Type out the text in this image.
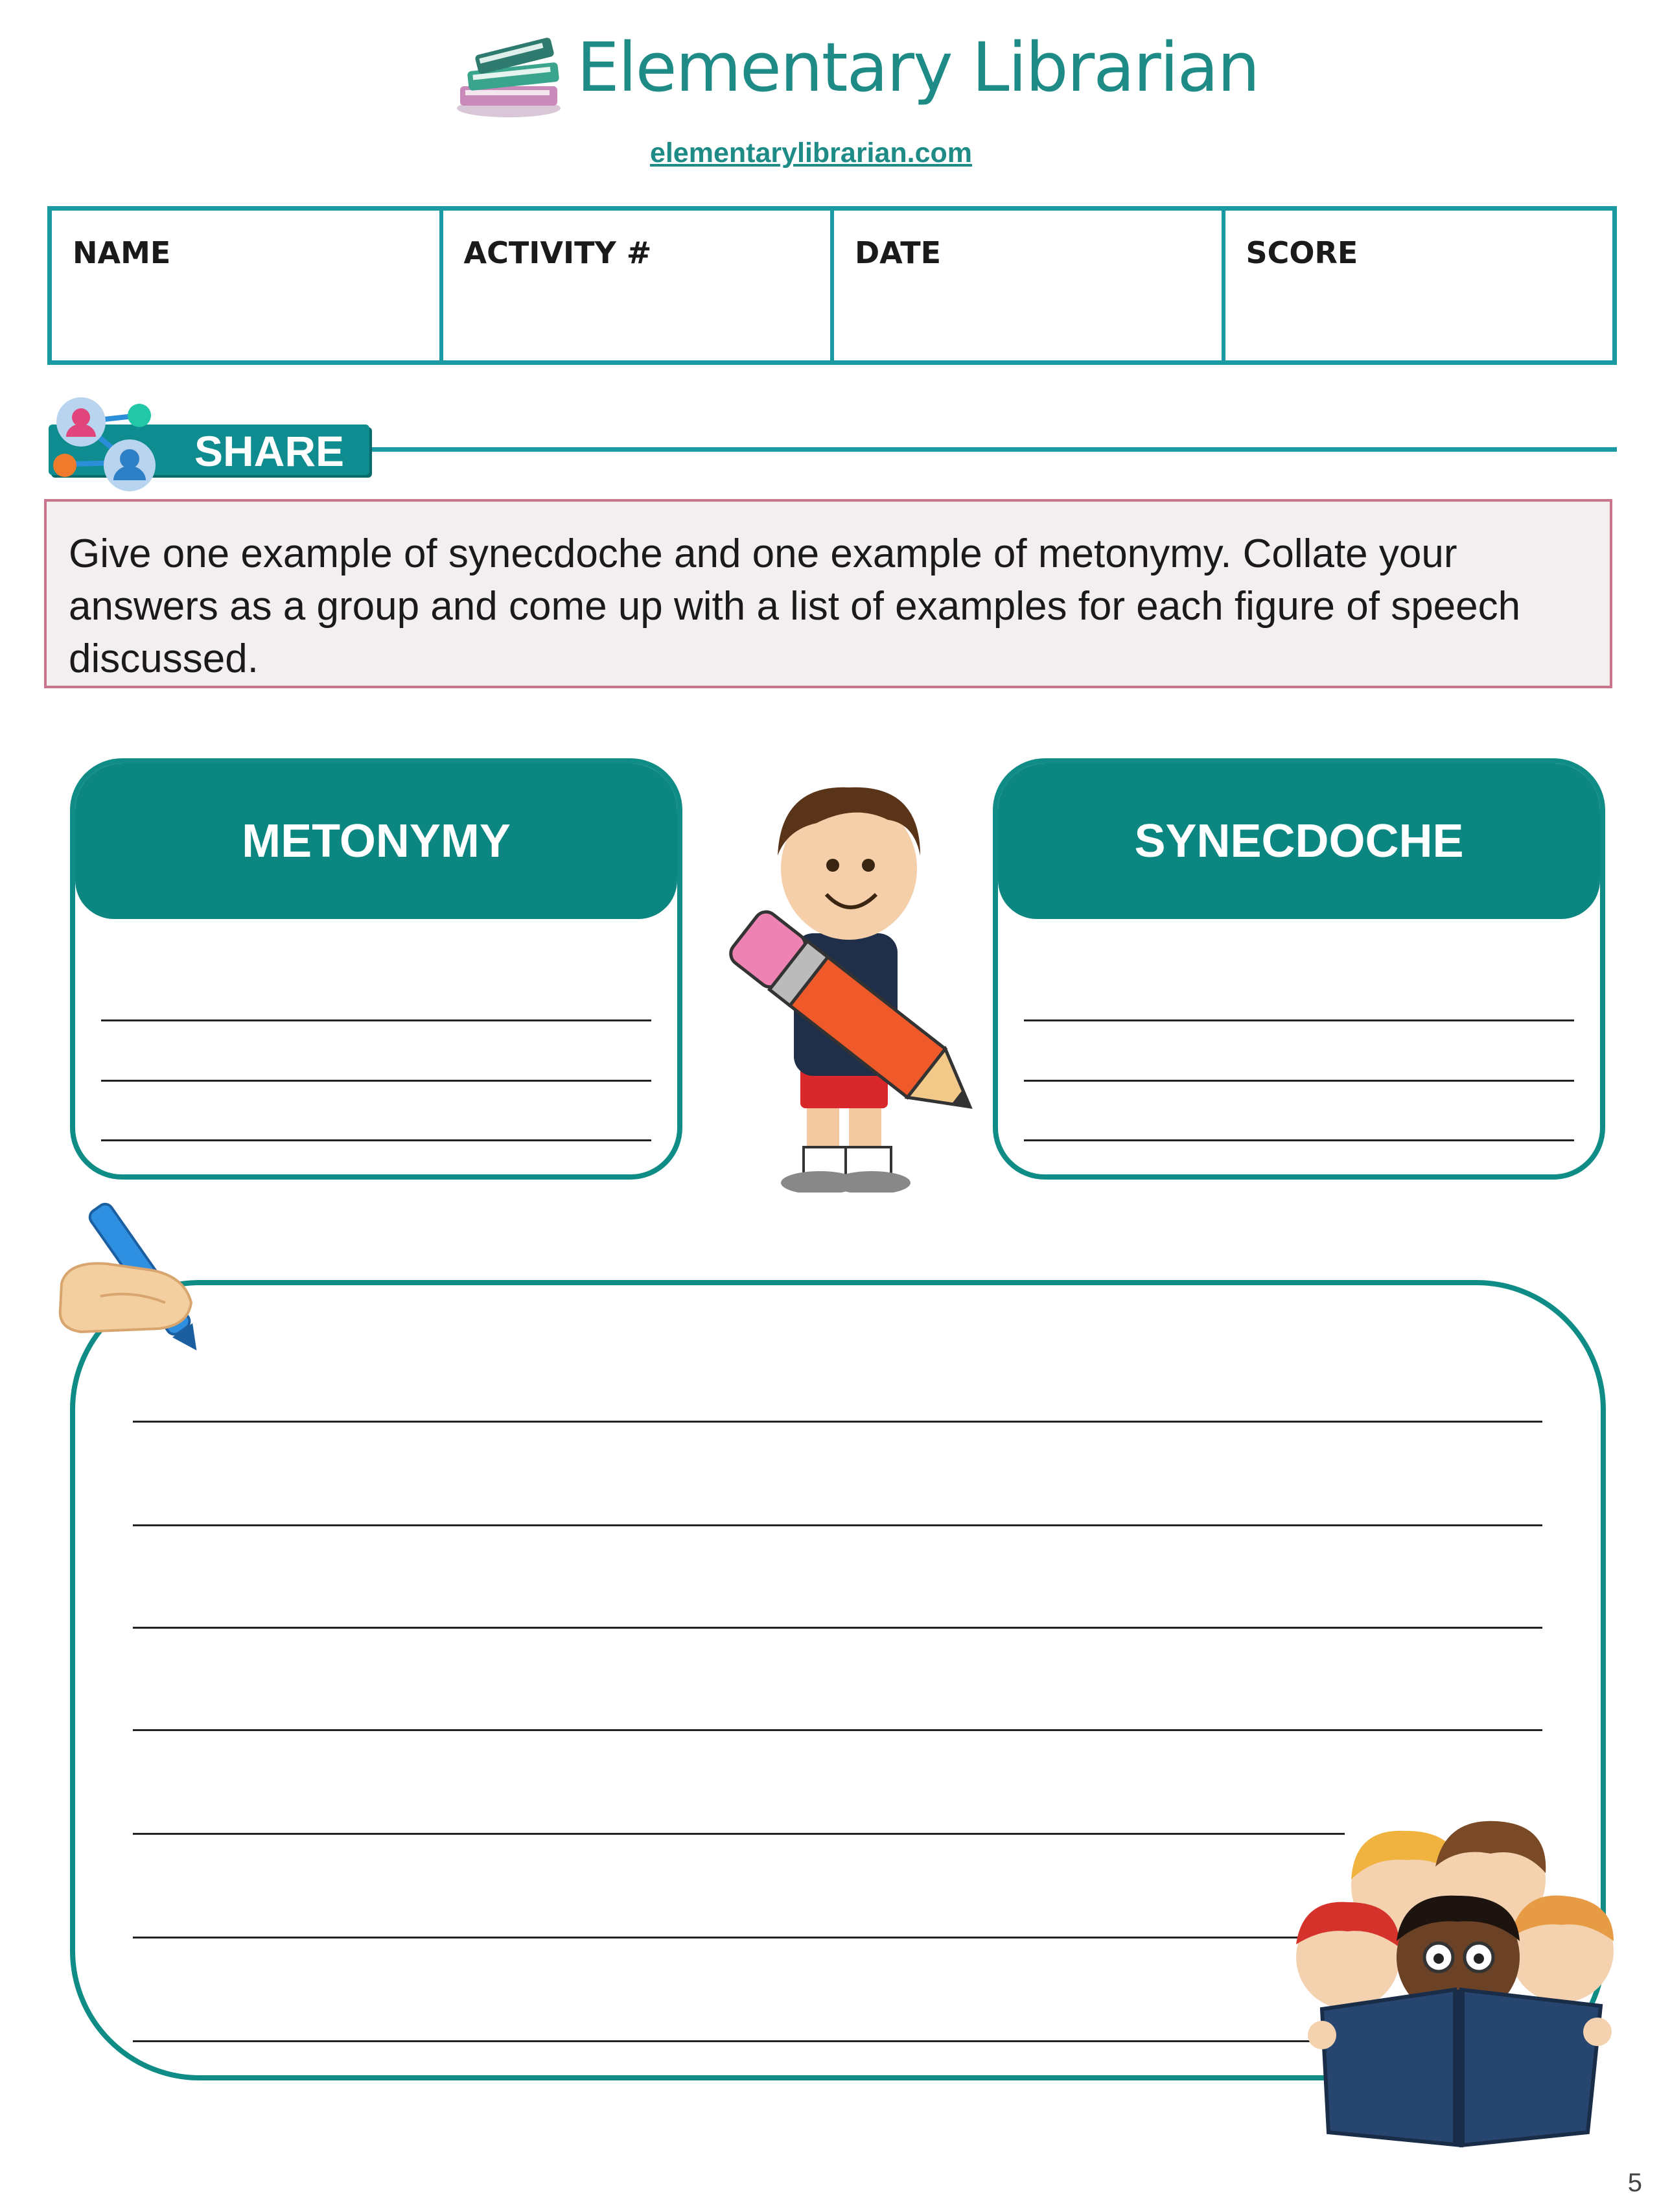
Elementary Librarian
elementarylibrarian.com
NAME	ACTIVITY #	DATE	SCORE
SHARE
Give one example of synecdoche and one example of metonymy. Collate your answers as a group and come up with a list of examples for each figure of speech discussed.
METONYMY	SYNECDOCHE
5
